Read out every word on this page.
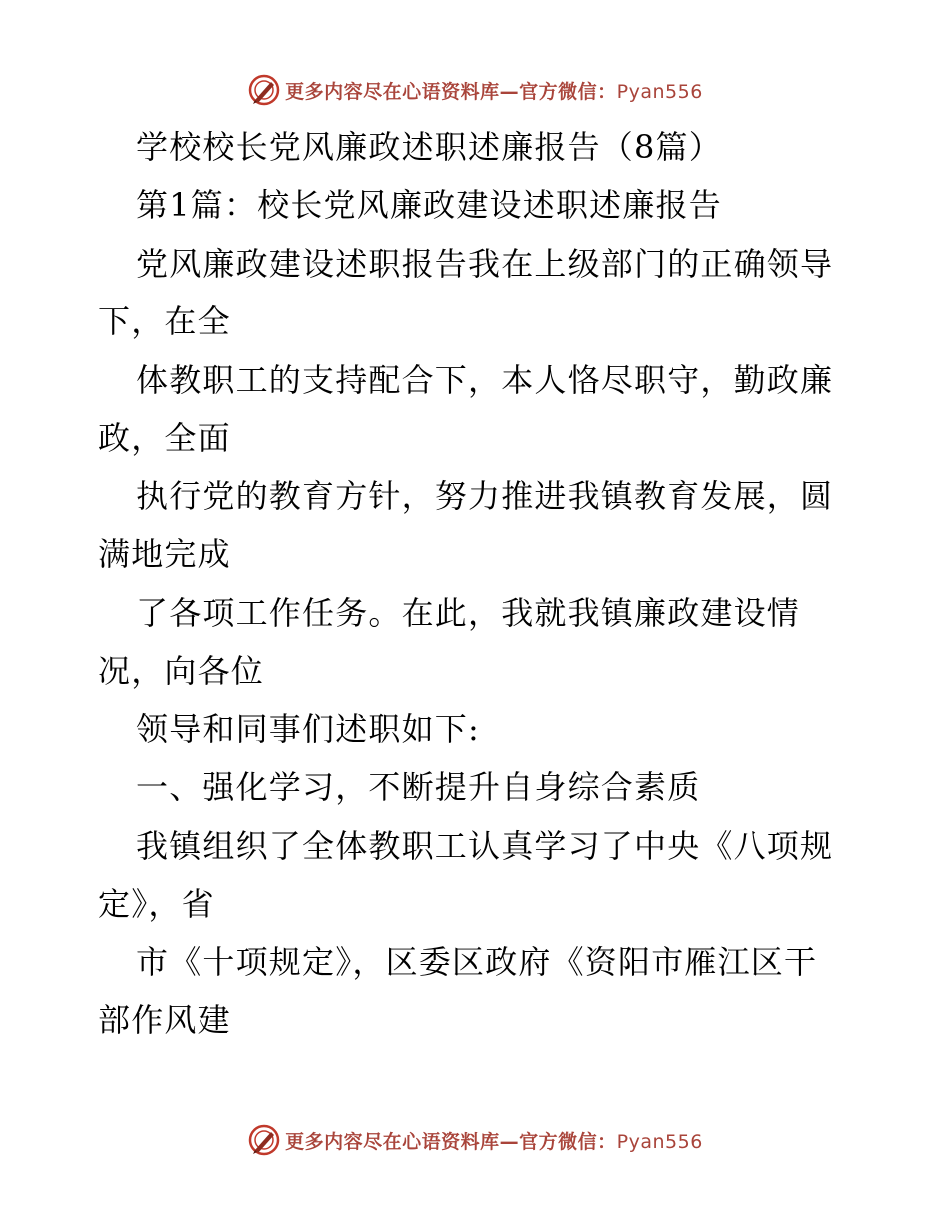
更多内容尽在心语资料库—官方微信：Pyan556
学校校长党风廉政述职述廉报告（8篇）
第1篇：校长党风廉政建设述职述廉报告
党风廉政建设述职报告我在上级部门的正确领导
下，在全
体教职工的支持配合下，本人恪尽职守，勤政廉
政，全面
执行党的教育方针，努力推进我镇教育发展，圆
满地完成
了各项工作任务。在此，我就我镇廉政建设情
况，向各位
领导和同事们述职如下:
一、强化学习，不断提升自身综合素质
我镇组织了全体教职工认真学习了中央《八项规
定》，省
市《十项规定》，区委区政府《资阳市雁江区干
部作风建
更多内容尽在心语资料库—官方微信：Pyan556
